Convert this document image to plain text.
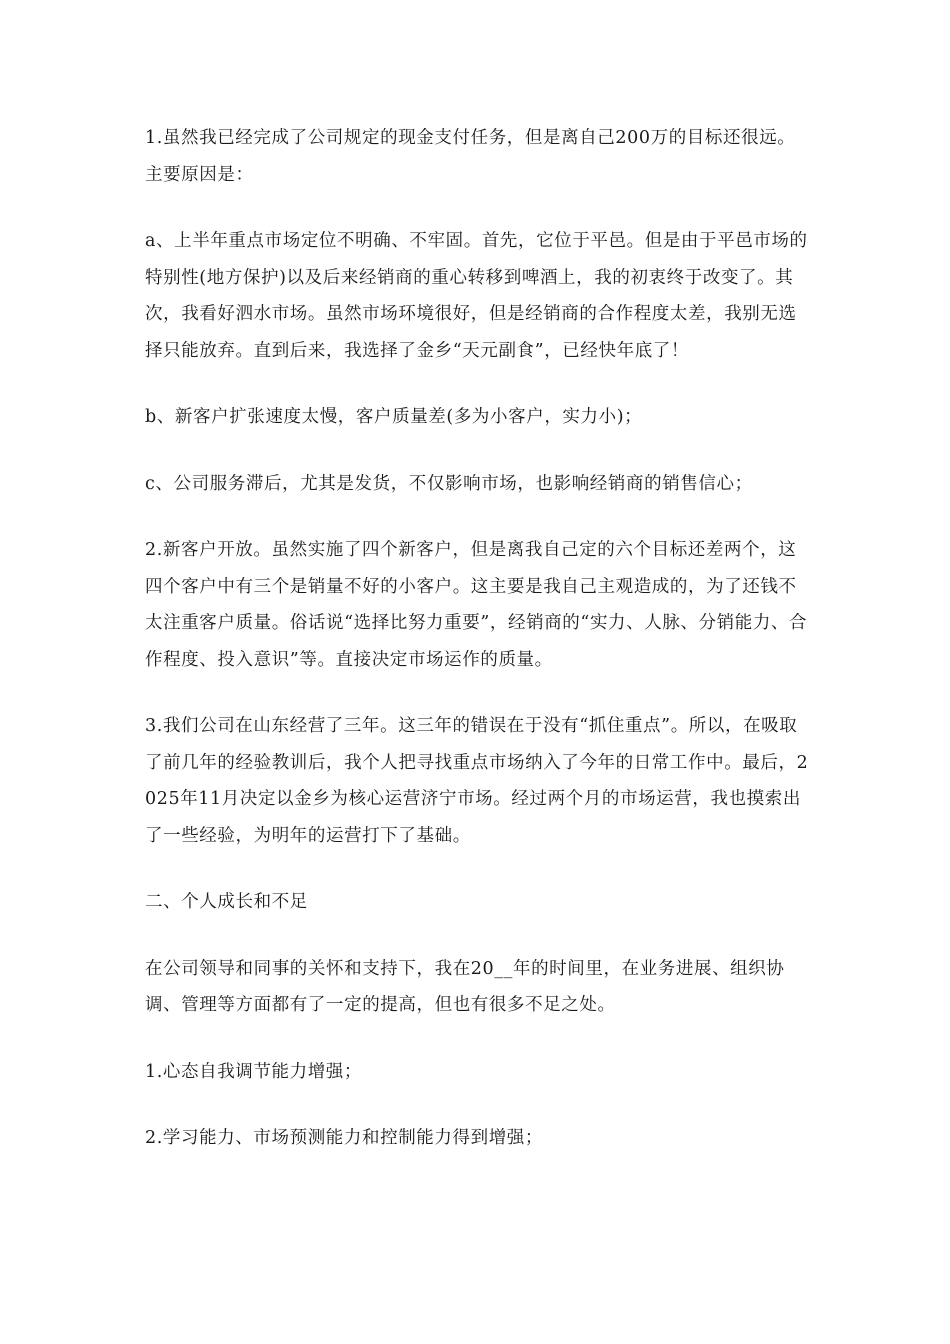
1.虽然我已经完成了公司规定的现金支付任务，但是离自己200万的目标还很远。主要原因是：

a、上半年重点市场定位不明确、不牢固。首先，它位于平邑。但是由于平邑市场的特别性(地方保护)以及后来经销商的重心转移到啤酒上，我的初衷终于改变了。其次，我看好泗水市场。虽然市场环境很好，但是经销商的合作程度太差，我别无选择只能放弃。直到后来，我选择了金乡“天元副食”，已经快年底了！

b、新客户扩张速度太慢，客户质量差(多为小客户，实力小)；

c、公司服务滞后，尤其是发货，不仅影响市场，也影响经销商的销售信心；

2.新客户开放。虽然实施了四个新客户，但是离我自己定的六个目标还差两个，这四个客户中有三个是销量不好的小客户。这主要是我自己主观造成的，为了还钱不太注重客户质量。俗话说“选择比努力重要”，经销商的“实力、人脉、分销能力、合作程度、投入意识”等。直接决定市场运作的质量。

3.我们公司在山东经营了三年。这三年的错误在于没有“抓住重点”。所以，在吸取了前几年的经验教训后，我个人把寻找重点市场纳入了今年的日常工作中。最后，2025年11月决定以金乡为核心运营济宁市场。经过两个月的市场运营，我也摸索出了一些经验，为明年的运营打下了基础。

二、个人成长和不足

在公司领导和同事的关怀和支持下，我在20__年的时间里，在业务进展、组织协调、管理等方面都有了一定的提高，但也有很多不足之处。

1.心态自我调节能力增强；

2.学习能力、市场预测能力和控制能力得到增强；
